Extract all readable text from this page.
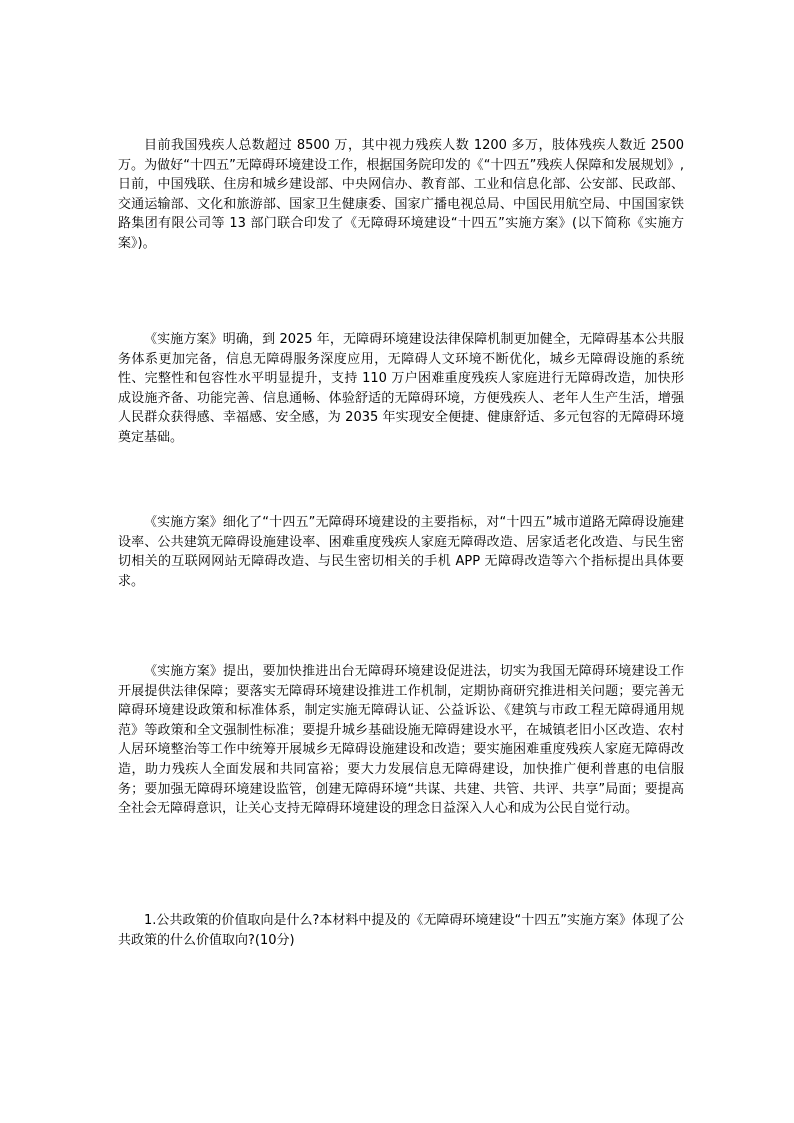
目前我国残疾人总数超过 8500 万，其中视力残疾人数 1200 多万，肢体残疾人数近 2500 万。为做好“十四五”无障碍环境建设工作，根据国务院印发的《“十四五”残疾人保障和发展规划》,日前，中国残联、住房和城乡建设部、中央网信办、教育部、工业和信息化部、公安部、民政部、交通运输部、文化和旅游部、国家卫生健康委、国家广播电视总局、中国民用航空局、中国国家铁路集团有限公司等 13 部门联合印发了《无障碍环境建设“十四五”实施方案》(以下简称《实施方案》)。

《实施方案》明确，到 2025 年，无障碍环境建设法律保障机制更加健全，无障碍基本公共服务体系更加完备，信息无障碍服务深度应用，无障碍人文环境不断优化，城乡无障碍设施的系统性、完整性和包容性水平明显提升，支持 110 万户困难重度残疾人家庭进行无障碍改造，加快形成设施齐备、功能完善、信息通畅、体验舒适的无障碍环境，方便残疾人、老年人生产生活，增强人民群众获得感、幸福感、安全感，为 2035 年实现安全便捷、健康舒适、多元包容的无障碍环境奠定基础。

《实施方案》细化了“十四五”无障碍环境建设的主要指标，对“十四五”城市道路无障碍设施建设率、公共建筑无障碍设施建设率、困难重度残疾人家庭无障碍改造、居家适老化改造、与民生密切相关的互联网网站无障碍改造、与民生密切相关的手机 APP 无障碍改造等六个指标提出具体要求。

《实施方案》提出，要加快推进出台无障碍环境建设促进法，切实为我国无障碍环境建设工作开展提供法律保障；要落实无障碍环境建设推进工作机制，定期协商研究推进相关问题；要完善无障碍环境建设政策和标准体系，制定实施无障碍认证、公益诉讼、《建筑与市政工程无障碍通用规范》等政策和全文强制性标准；要提升城乡基础设施无障碍建设水平，在城镇老旧小区改造、农村人居环境整治等工作中统筹开展城乡无障碍设施建设和改造；要实施困难重度残疾人家庭无障碍改造，助力残疾人全面发展和共同富裕；要大力发展信息无障碍建设，加快推广便利普惠的电信服务；要加强无障碍环境建设监管，创建无障碍环境“共谋、共建、共管、共评、共享”局面；要提高全社会无障碍意识，让关心支持无障碍环境建设的理念日益深入人心和成为公民自觉行动。

1.公共政策的价值取向是什么?本材料中提及的《无障碍环境建设“十四五”实施方案》体现了公共政策的什么价值取向?(10分)
